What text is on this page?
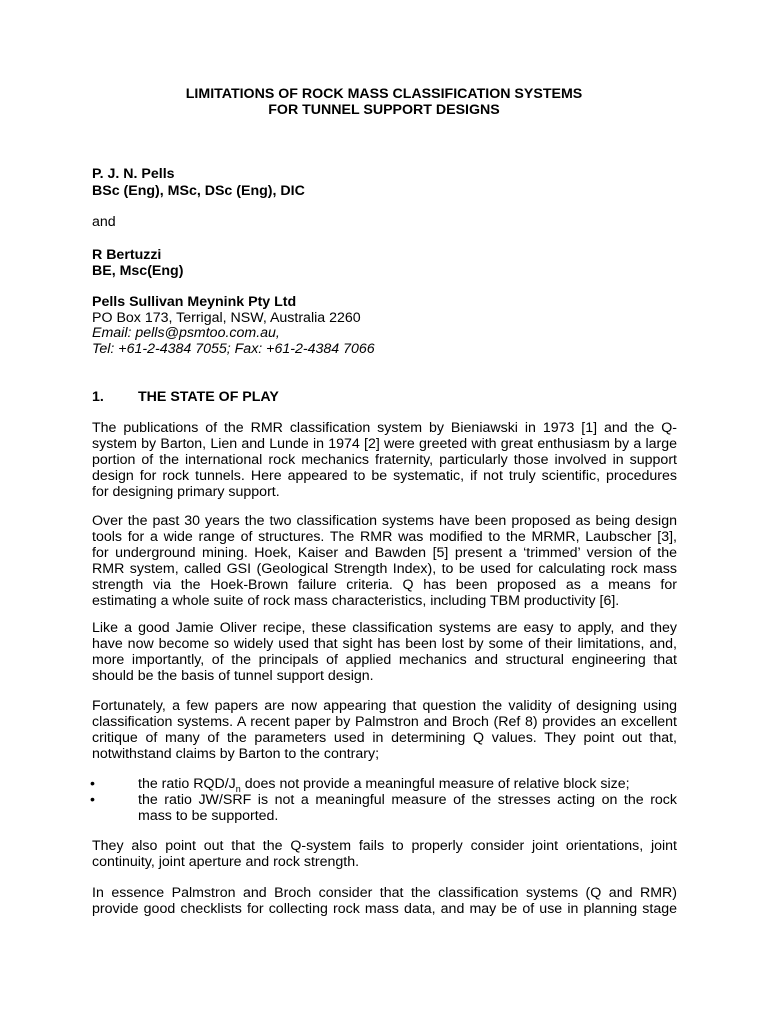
LIMITATIONS OF ROCK MASS CLASSIFICATION SYSTEMS

FOR TUNNEL SUPPORT DESIGNS

P. J. N. Pells

BSc (Eng), MSc, DSc (Eng), DIC

and

R Bertuzzi

BE, Msc(Eng)

Pells Sullivan Meynink Pty Ltd

PO Box 173, Terrigal, NSW, Australia 2260

Email: pells@psmtoo.com.au,

Tel: +61-2-4384 7055; Fax: +61-2-4384 7066

1. THE STATE OF PLAY
The publications of the RMR classification system by Bieniawski in 1973 [1] and the Q-
system by Barton, Lien and Lunde in 1974 [2] were greeted with great enthusiasm by a large
portion of the international rock mechanics fraternity, particularly those involved in support
design for rock tunnels. Here appeared to be systematic, if not truly scientific, procedures
for designing primary support.
Over the past 30 years the two classification systems have been proposed as being design
tools for a wide range of structures. The RMR was modified to the MRMR, Laubscher [3],
for underground mining. Hoek, Kaiser and Bawden [5] present a ‘trimmed’ version of the
RMR system, called GSI (Geological Strength Index), to be used for calculating rock mass
strength via the Hoek-Brown failure criteria. Q has been proposed as a means for
estimating a whole suite of rock mass characteristics, including TBM productivity [6].
Like a good Jamie Oliver recipe, these classification systems are easy to apply, and they
have now become so widely used that sight has been lost by some of their limitations, and,
more importantly, of the principals of applied mechanics and structural engineering that
should be the basis of tunnel support design.
Fortunately, a few papers are now appearing that question the validity of designing using
classification systems. A recent paper by Palmstron and Broch (Ref 8) provides an excellent
critique of many of the parameters used in determining Q values. They point out that,
notwithstand claims by Barton to the contrary;
•	the ratio RQD/$J_n$ does not provide a meaningful measure of relative block size;

•	the ratio JW/SRF is not a meaningful measure of the stresses acting on the rock
mass to be supported.

They also point out that the Q-system fails to properly consider joint orientations, joint
continuity, joint aperture and rock strength.
In essence Palmstron and Broch consider that the classification systems (Q and RMR)
provide good checklists for collecting rock mass data, and may be of use in planning stage
